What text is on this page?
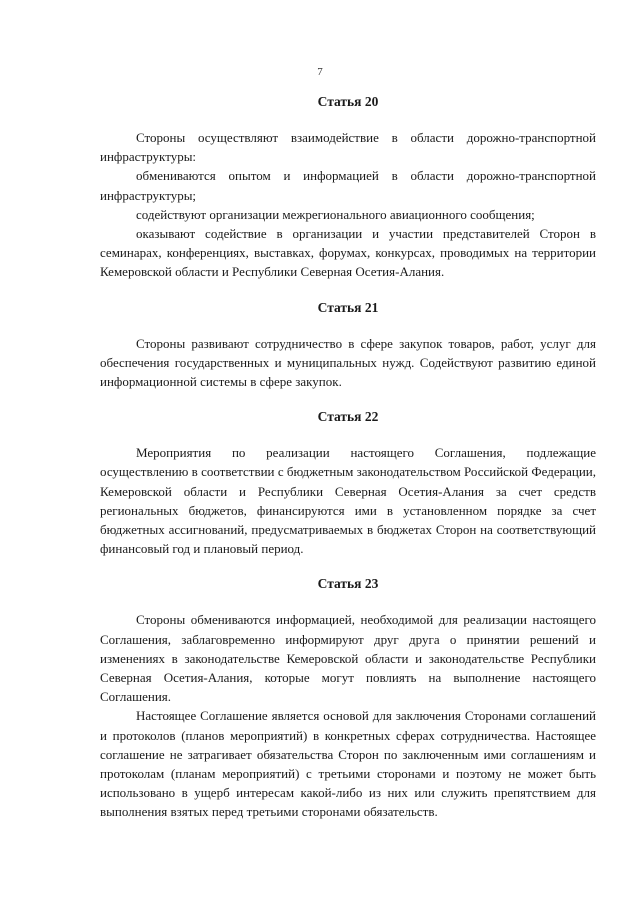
7
Статья 20

Стороны осуществляют взаимодействие в области дорожно-транспортной инфраструктуры:

обмениваются опытом и информацией в области дорожно-транспортной инфраструктуры;

содействуют организации межрегионального авиационного сообщения;

оказывают содействие в организации и участии представителей Сторон в семинарах, конференциях, выставках, форумах, конкурсах, проводимых на территории Кемеровской области и Республики Северная Осетия-Алания.

Статья 21

Стороны развивают сотрудничество в сфере закупок товаров, работ, услуг для обеспечения государственных и муниципальных нужд. Содействуют развитию единой информационной системы в сфере закупок.

Статья 22

Мероприятия по реализации настоящего Соглашения, подлежащие осуществлению в соответствии с бюджетным законодательством Российской Федерации, Кемеровской области и Республики Северная Осетия-Алания за счет средств региональных бюджетов, финансируются ими в установленном порядке за счет бюджетных ассигнований, предусматриваемых в бюджетах Сторон на соответствующий финансовый год и плановый период.

Статья 23

Стороны обмениваются информацией, необходимой для реализации настоящего Соглашения, заблаговременно информируют друг друга о принятии решений и изменениях в законодательстве Кемеровской области и законодательстве Республики Северная Осетия-Алания, которые могут повлиять на выполнение настоящего Соглашения.

Настоящее Соглашение является основой для заключения Сторонами соглашений и протоколов (планов мероприятий) в конкретных сферах сотрудничества. Настоящее соглашение не затрагивает обязательства Сторон по заключенным ими соглашениям и протоколам (планам мероприятий) с третьими сторонами и поэтому не может быть использовано в ущерб интересам какой-либо из них или служить препятствием для выполнения взятых перед третьими сторонами обязательств.
